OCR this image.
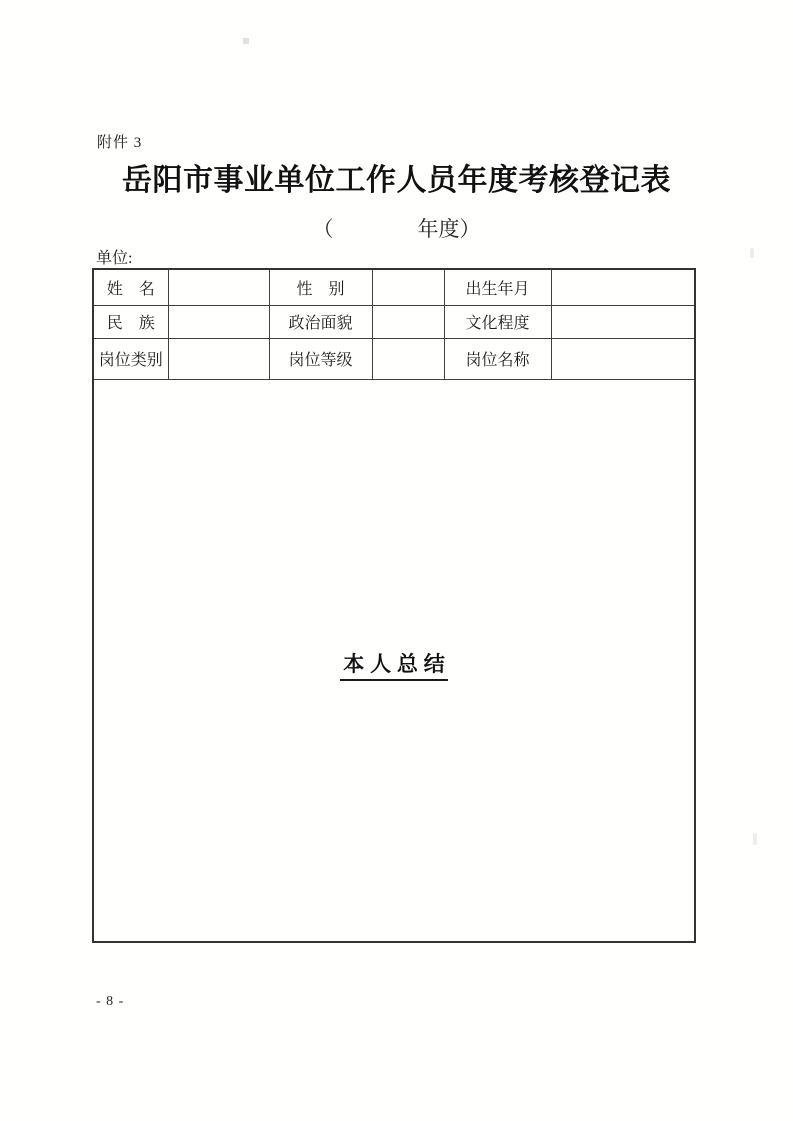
附件 3
岳阳市事业单位工作人员年度考核登记表
（　　　　年度）
单位:
姓　名		性　别		出生年月	
民　族		政治面貌		文化程度	
岗位类别		岗位等级		岗位名称	
本 人 总 结					
- 8 -
